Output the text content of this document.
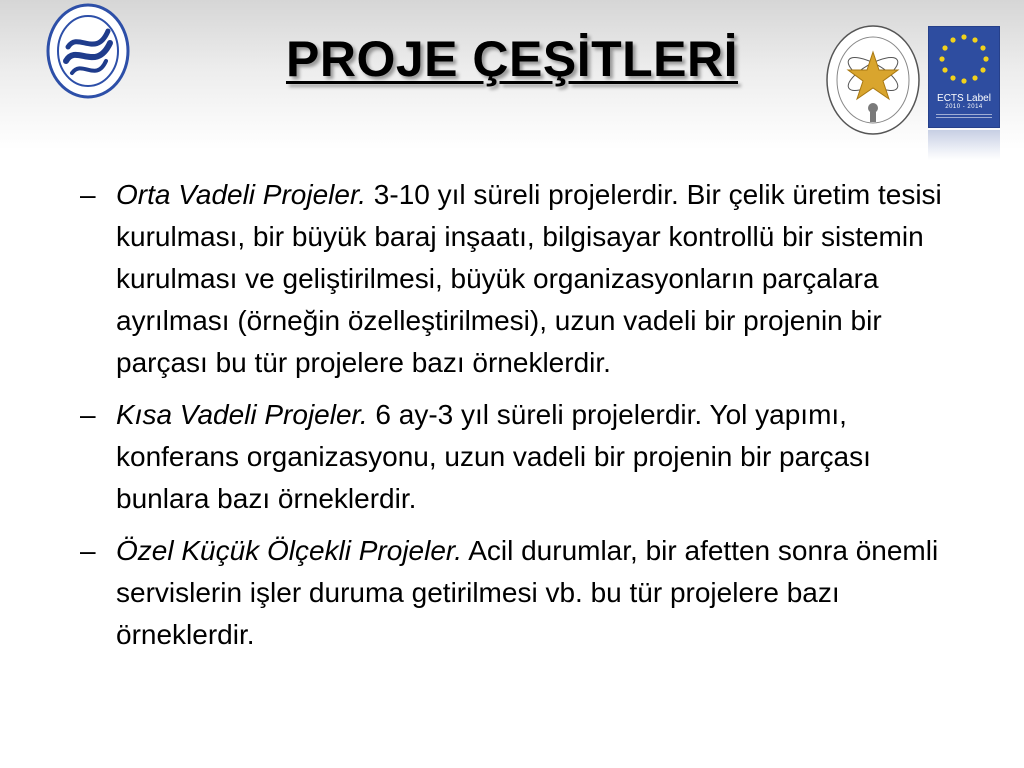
PROJE ÇEŞİTLERİ
ECTS Label
2010 - 2014
– Orta Vadeli Projeler. 3-10 yıl süreli projelerdir. Bir çelik üretim tesisi kurulması, bir büyük baraj inşaatı, bilgisayar kontrollü bir sistemin kurulması ve geliştirilmesi, büyük organizasyonların parçalara ayrılması (örneğin özelleştirilmesi), uzun vadeli bir projenin bir parçası bu tür projelere bazı örneklerdir.
– Kısa Vadeli Projeler. 6 ay-3 yıl süreli projelerdir. Yol yapımı, konferans organizasyonu, uzun vadeli bir projenin bir parçası bunlara bazı örneklerdir.
– Özel Küçük Ölçekli Projeler. Acil durumlar, bir afetten sonra önemli servislerin işler duruma getirilmesi vb. bu tür projelere bazı örneklerdir.
